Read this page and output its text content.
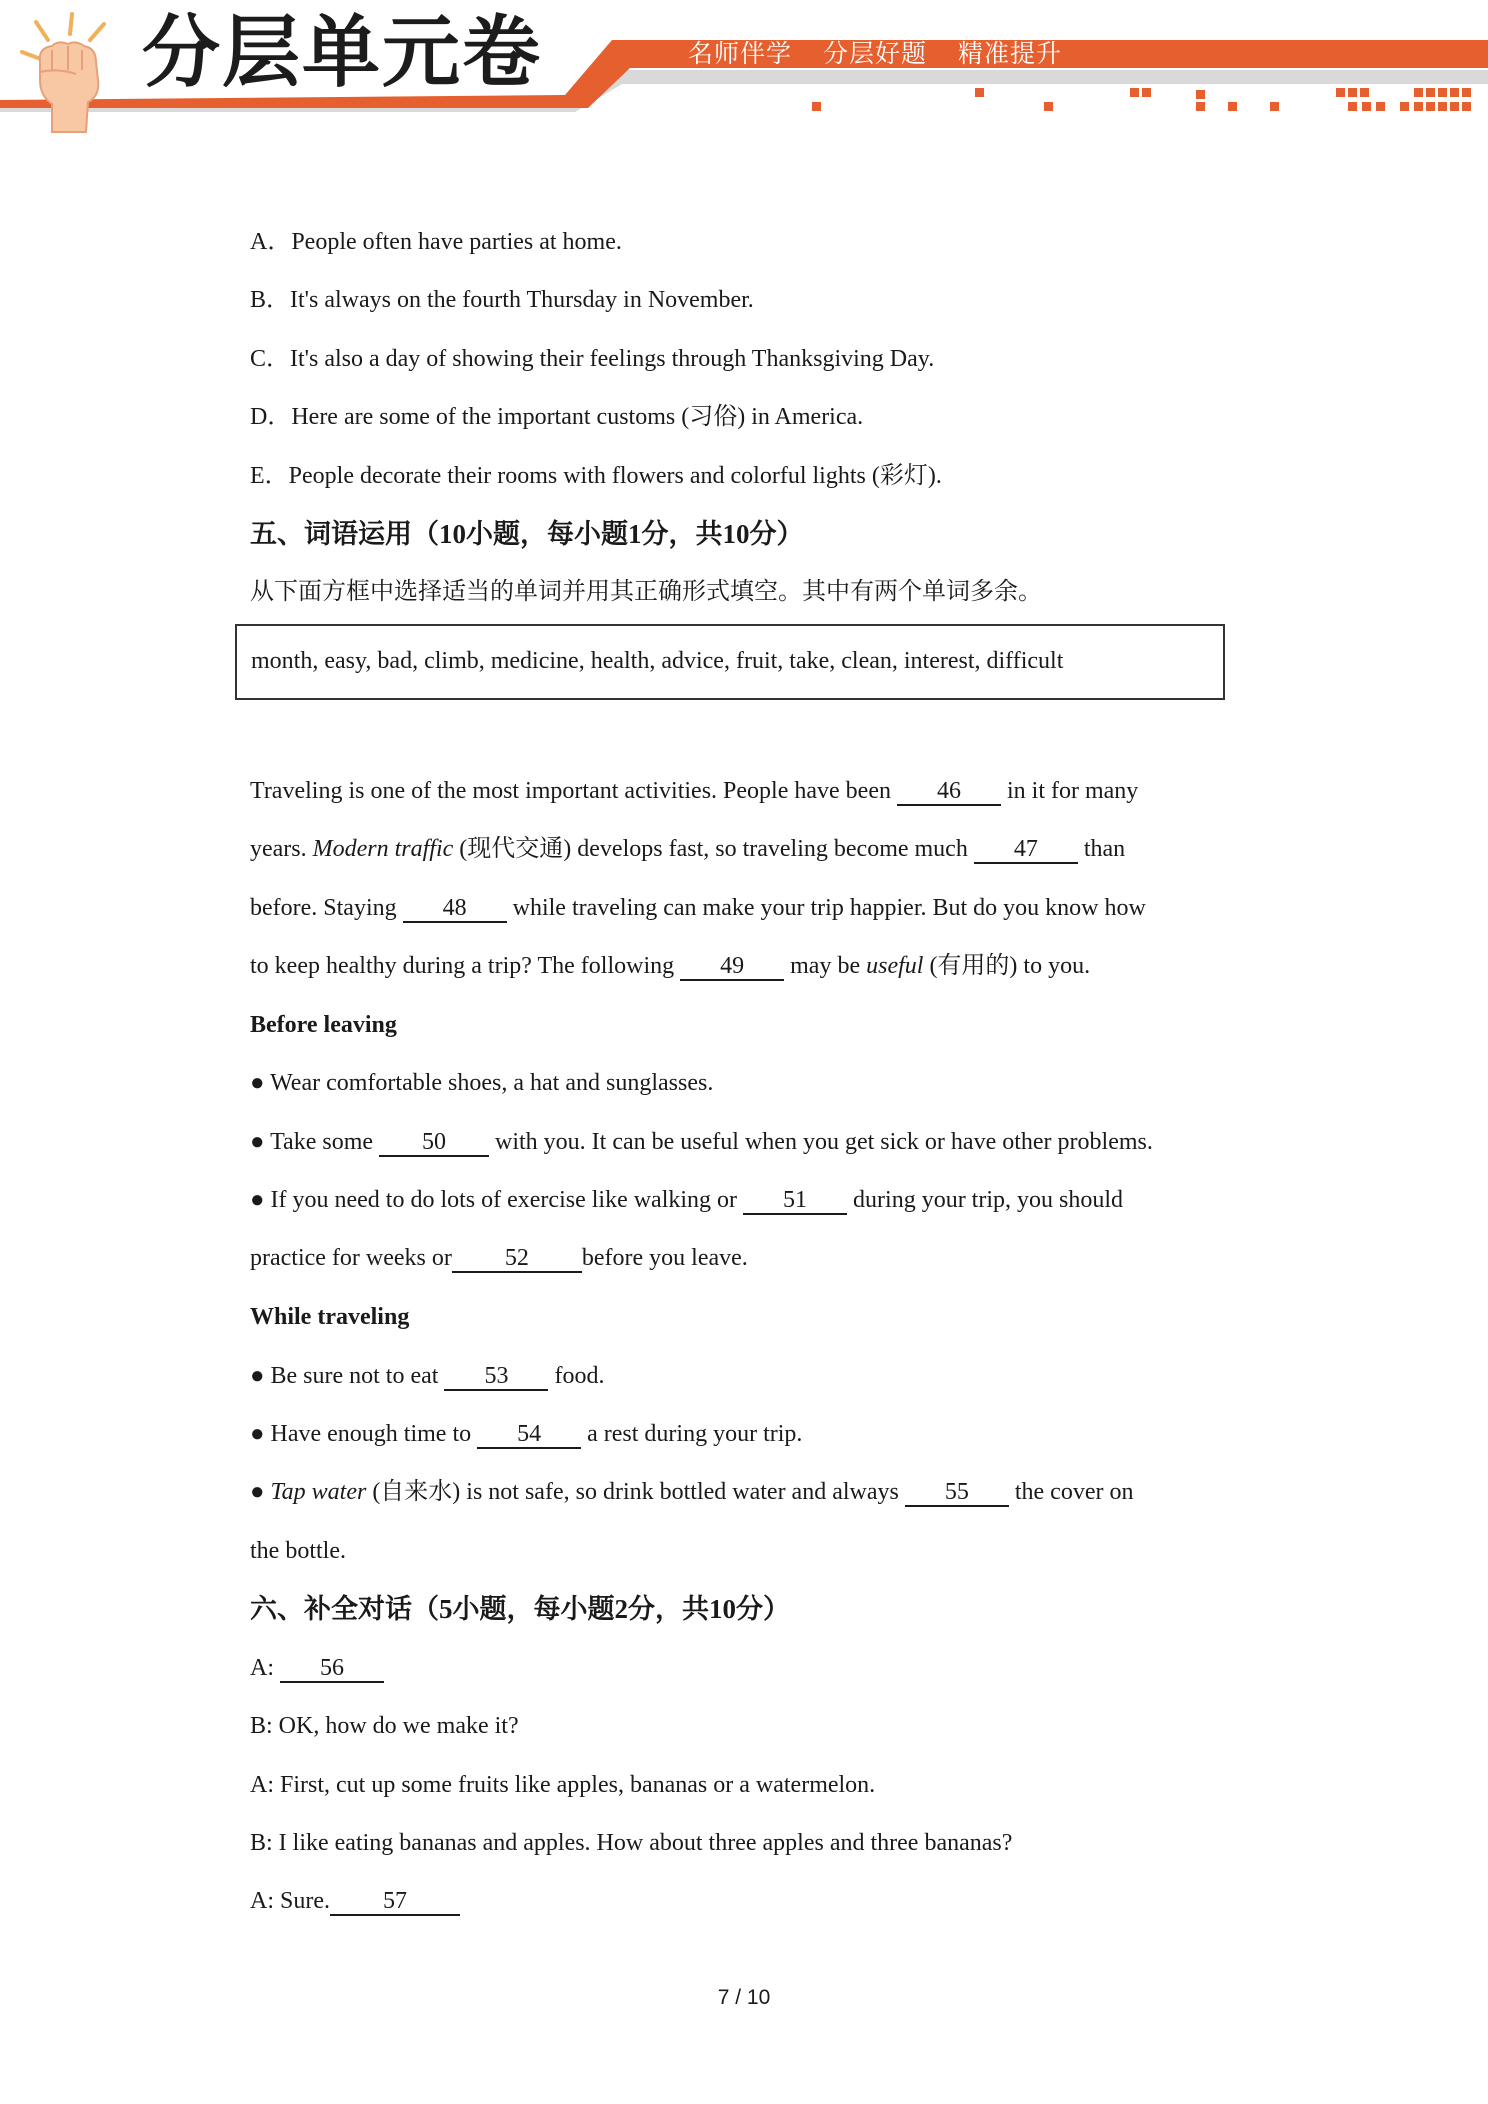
分层单元卷	名师伴学 分层好题 精准提升
A．People often have parties at home.
B．It's always on the fourth Thursday in November.
C．It's also a day of showing their feelings through Thanksgiving Day.
D．Here are some of the important customs (习俗) in America.
E．People decorate their rooms with flowers and colorful lights (彩灯).
五、词语运用（10小题，每小题1分，共10分）
从下面方框中选择适当的单词并用其正确形式填空。其中有两个单词多余。
month, easy, bad, climb, medicine, health, advice, fruit, take, clean, interest, difficult
Traveling is one of the most important activities. People have been 46 in it for many
years. Modern traffic (现代交通) develops fast, so traveling become much 47 than
before. Staying 48 while traveling can make your trip happier. But do you know how
to keep healthy during a trip? The following 49 may be useful (有用的) to you.
Before leaving
● Wear comfortable shoes, a hat and sunglasses.
● Take some 50 with you. It can be useful when you get sick or have other problems.
● If you need to do lots of exercise like walking or 51 during your trip, you should
practice for weeks or 52 before you leave.
While traveling
● Be sure not to eat 53 food.
● Have enough time to 54 a rest during your trip.
● Tap water (自来水) is not safe, so drink bottled water and always 55 the cover on
the bottle.
六、补全对话（5小题，每小题2分，共10分）
A: 56
B: OK, how do we make it?
A: First, cut up some fruits like apples, bananas or a watermelon.
B: I like eating bananas and apples. How about three apples and three bananas?
A: Sure. 57
7 / 10
